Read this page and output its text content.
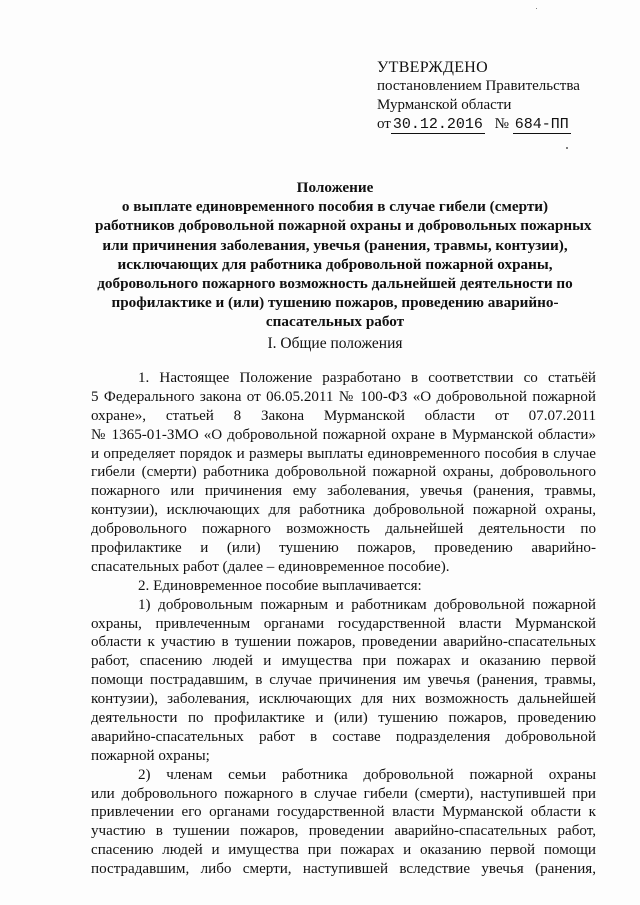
УТВЕРЖДЕНО
постановлением Правительства
Мурманской области
от 30.12.2016 № 684-ПП
Положение
о выплате единовременного пособия в случае гибели (смерти)
работников добровольной пожарной охраны и добровольных пожарных
или причинения заболевания, увечья (ранения, травмы, контузии),
исключающих для работника добровольной пожарной охраны,
добровольного пожарного возможность дальнейшей деятельности по
профилактике и (или) тушению пожаров, проведению аварийно-
спасательных работ
I. Общие положения
1. Настоящее Положение разработано в соответствии со статьёй
5 Федерального закона от 06.05.2011 № 100-ФЗ «О добровольной пожарной
охране», статьей 8 Закона Мурманской области от 07.07.2011
№ 1365-01-ЗМО «О добровольной пожарной охране в Мурманской области»
и определяет порядок и размеры выплаты единовременного пособия в случае
гибели (смерти) работника добровольной пожарной охраны, добровольного
пожарного или причинения ему заболевания, увечья (ранения, травмы,
контузии), исключающих для работника добровольной пожарной охраны,
добровольного пожарного возможность дальнейшей деятельности по
профилактике и (или) тушению пожаров, проведению аварийно-
спасательных работ (далее – единовременное пособие).
2. Единовременное пособие выплачивается:
1) добровольным пожарным и работникам добровольной пожарной
охраны, привлеченным органами государственной власти Мурманской
области к участию в тушении пожаров, проведении аварийно-спасательных
работ, спасению людей и имущества при пожарах и оказанию первой
помощи пострадавшим, в случае причинения им увечья (ранения, травмы,
контузии), заболевания, исключающих для них возможность дальнейшей
деятельности по профилактике и (или) тушению пожаров, проведению
аварийно-спасательных работ в составе подразделения добровольной
пожарной охраны;
2) членам семьи работника добровольной пожарной охраны
или добровольного пожарного в случае гибели (смерти), наступившей при
привлечении его органами государственной власти Мурманской области к
участию в тушении пожаров, проведении аварийно-спасательных работ,
спасению людей и имущества при пожарах и оказанию первой помощи
пострадавшим, либо смерти, наступившей вследствие увечья (ранения,
